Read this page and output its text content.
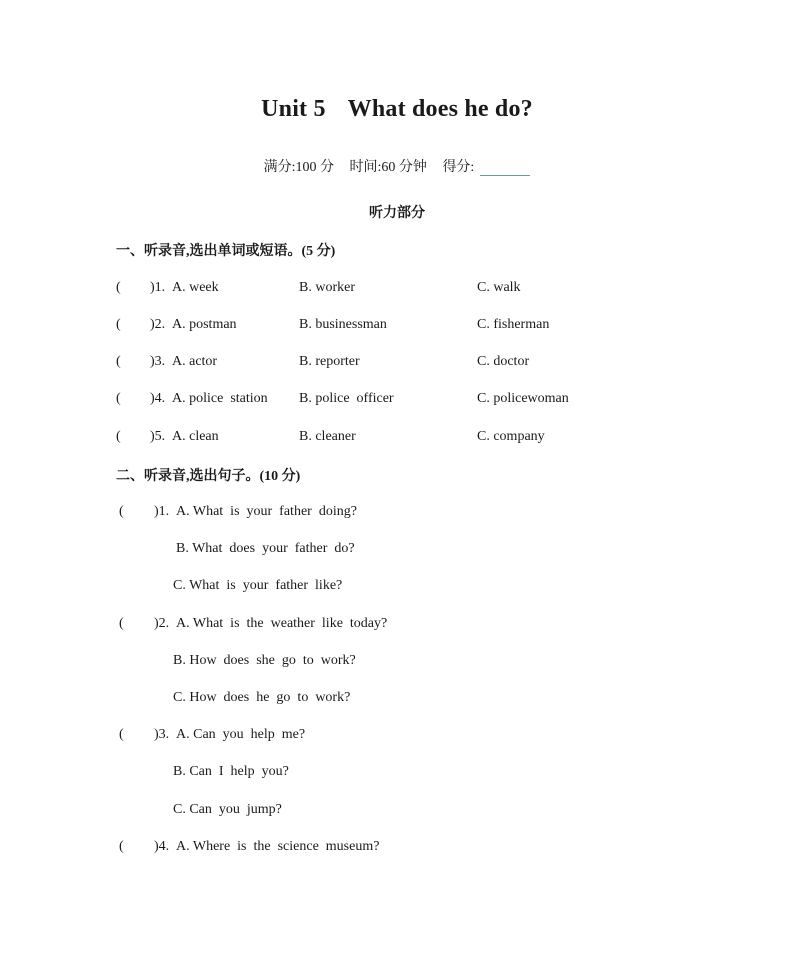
Unit 5 What does he do?
满分:100 分 时间:60 分钟 得分:
听力部分
一、听录音,选出单词或短语。(5 分)
( )1. A. week	B. worker	C. walk
( )2. A. postman	B. businessman	C. fisherman
( )3. A. actor	B. reporter	C. doctor
( )4. A. police  station B. police  officer	C. policewoman
( )5. A. clean	B. cleaner	C. company
二、听录音,选出句子。(10 分)
( )1. A. What  is  your  father  doing?
B. What  does  your  father  do?
C. What  is  your  father  like?
( )2. A. What  is  the  weather  like  today?
B. How  does  she  go  to  work?
C. How  does  he  go  to  work?
( )3. A. Can  you  help  me?
B. Can  I  help  you?
C. Can  you  jump?
( )4. A. Where  is  the  science  museum?
